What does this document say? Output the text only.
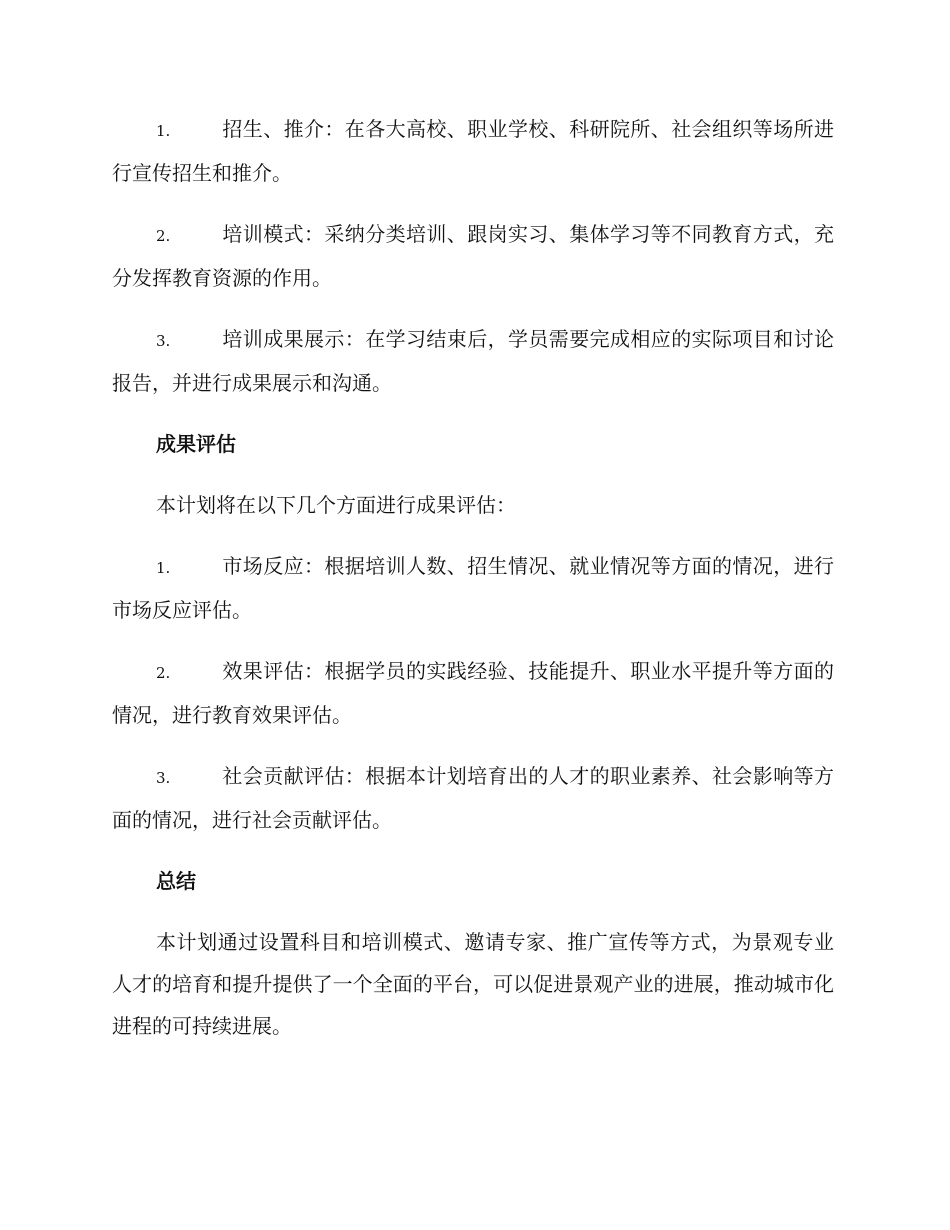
1.	招生、推介：在各大高校、职业学校、科研院所、社会组织等场所进行宣传招生和推介。

2.	培训模式：采纳分类培训、跟岗实习、集体学习等不同教育方式，充分发挥教育资源的作用。

3.	培训成果展示：在学习结束后，学员需要完成相应的实际项目和讨论报告，并进行成果展示和沟通。

成果评估

本计划将在以下几个方面进行成果评估：

1.	市场反应：根据培训人数、招生情况、就业情况等方面的情况，进行市场反应评估。

2.	效果评估：根据学员的实践经验、技能提升、职业水平提升等方面的情况，进行教育效果评估。

3.	社会贡献评估：根据本计划培育出的人才的职业素养、社会影响等方面的情况，进行社会贡献评估。

总结

本计划通过设置科目和培训模式、邀请专家、推广宣传等方式，为景观专业人才的培育和提升提供了一个全面的平台，可以促进景观产业的进展，推动城市化进程的可持续进展。
